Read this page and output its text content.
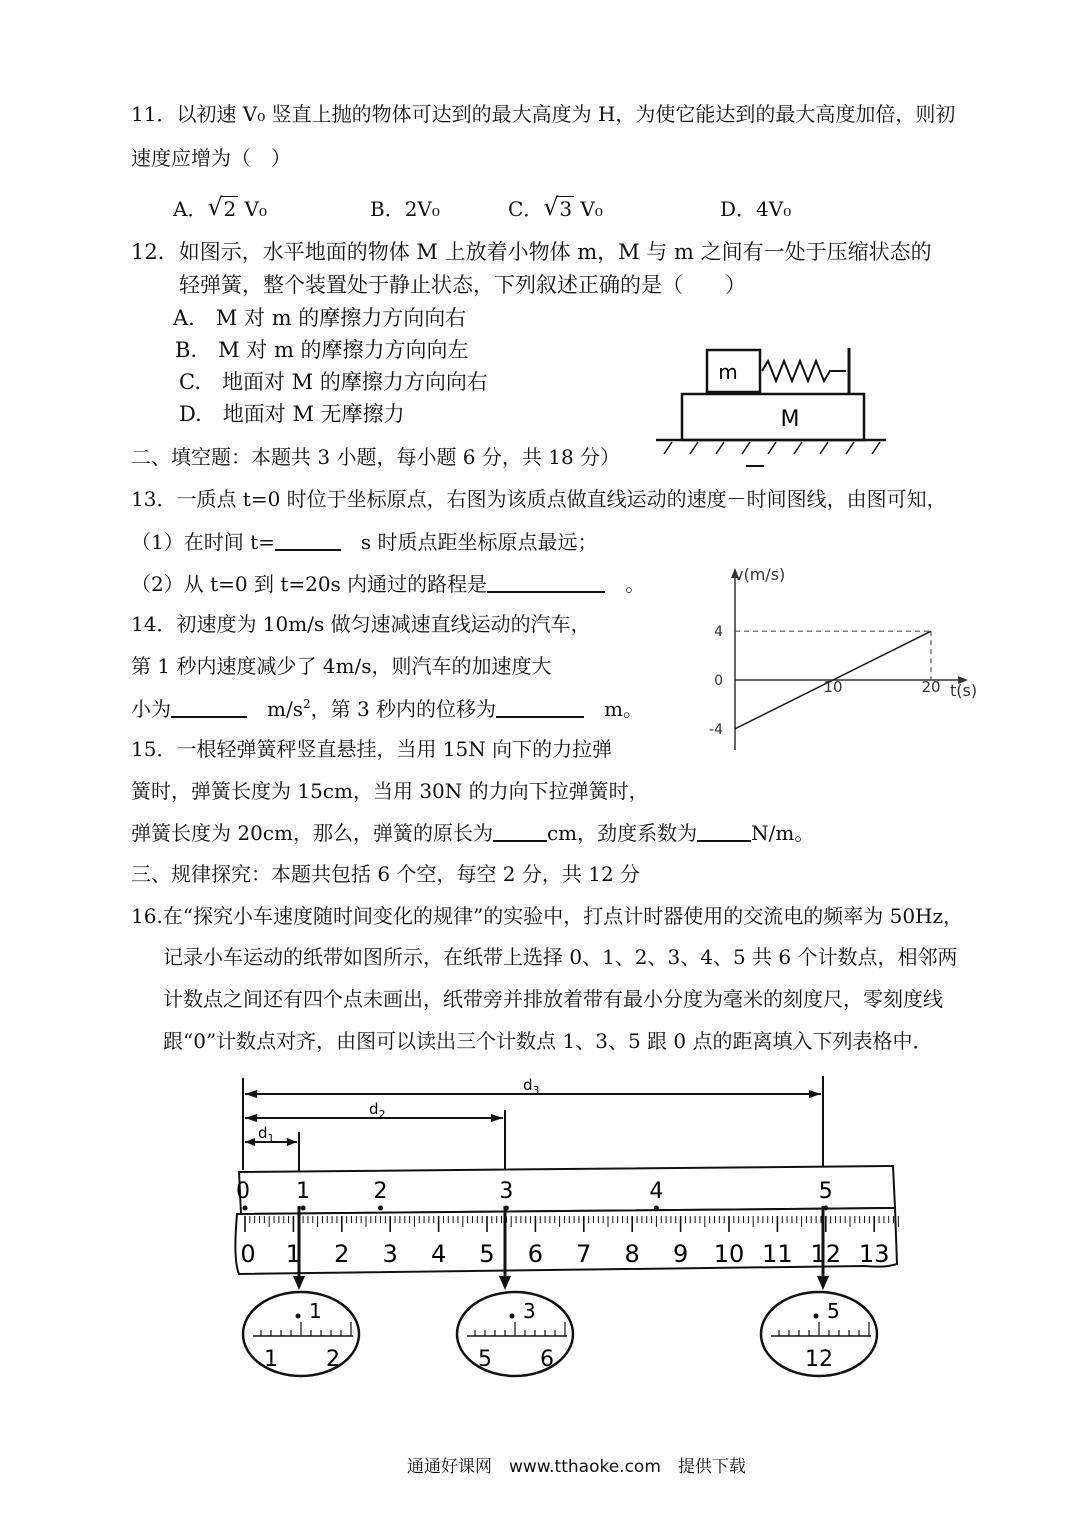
11．以初速 V₀ 竖直上抛的物体可达到的最大高度为 H，为使它能达到的最大高度加倍，则初
速度应增为（　）
A． √ 2 V₀	B．2V₀	C． √ 3 V₀	D．4V₀
12．如图示，水平地面的物体 M 上放着小物体 m，M 与 m 之间有一处于压缩状态的
轻弹簧，整个装置处于静止状态，下列叙述正确的是（　　）
A.　M 对 m 的摩擦力方向向右
B.　M 对 m 的摩擦力方向向左
C.　地面对 M 的摩擦力方向向右
D.　地面对 M 无摩擦力
m
M
二、填空题：本题共 3 小题，每小题 6 分，共 18 分）
13．一质点 t=0 时位于坐标原点，右图为该质点做直线运动的速度－时间图线，由图可知，
（1）在时间 t=　	s 时质点距坐标原点最远；
（2）从 t=0 到 t=20s 内通过的路程是　	。
14．初速度为 10m/s 做匀速减速直线运动的汽车，
第 1 秒内速度减少了 4m/s，则汽车的加速度大
小为　	$m/s^2$，第 3 秒内的位移为　	m。
15．一根轻弹簧秤竖直悬挂，当用 15N 向下的力拉弹
簧时，弹簧长度为 15cm，当用 30N 的力向下拉弹簧时，
弹簧长度为 20cm，那么，弹簧的原长为	cm，劲度系数为	N/m。
v(m/s)
t(s)
10	20
4
0
-4
三、规律探究：本题共包括 6 个空，每空 2 分，共 12 分
16.在“探究小车速度随时间变化的规律”的实验中，打点计时器使用的交流电的频率为 50Hz，
记录小车运动的纸带如图所示，在纸带上选择 0、1、2、3、4、5 共 6 个计数点，相邻两
计数点之间还有四个点未画出，纸带旁并排放着带有最小分度为毫米的刻度尺，零刻度线
跟“0”计数点对齐，由图可以读出三个计数点 1、3、5 跟 0 点的距离填入下列表格中．
$d_3$
$d_2$
$d_1$
0 1 2 3 4 5 6 7 8 9 10 11 12 13
0 1	2	3	4	5
1
1 2
3
5 6
5
12
通通好课网　www.tthaoke.com　提供下载
